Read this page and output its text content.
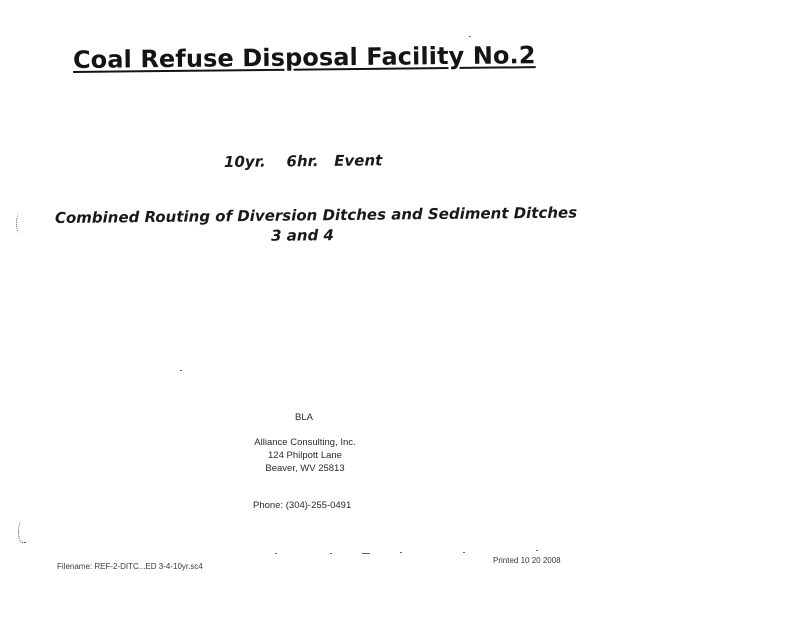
Coal Refuse Disposal Facility No.2
10yr.    6hr.   Event
Combined Routing of Diversion Ditches and Sediment Ditches
3 and 4
BLA
Alliance Consulting, Inc.
124 Philpott Lane
Beaver, WV 25813
Phone: (304)-255-0491
Filename: REF-2-DITC...ED 3-4-10yr.sc4
Printed 10 20 2008
